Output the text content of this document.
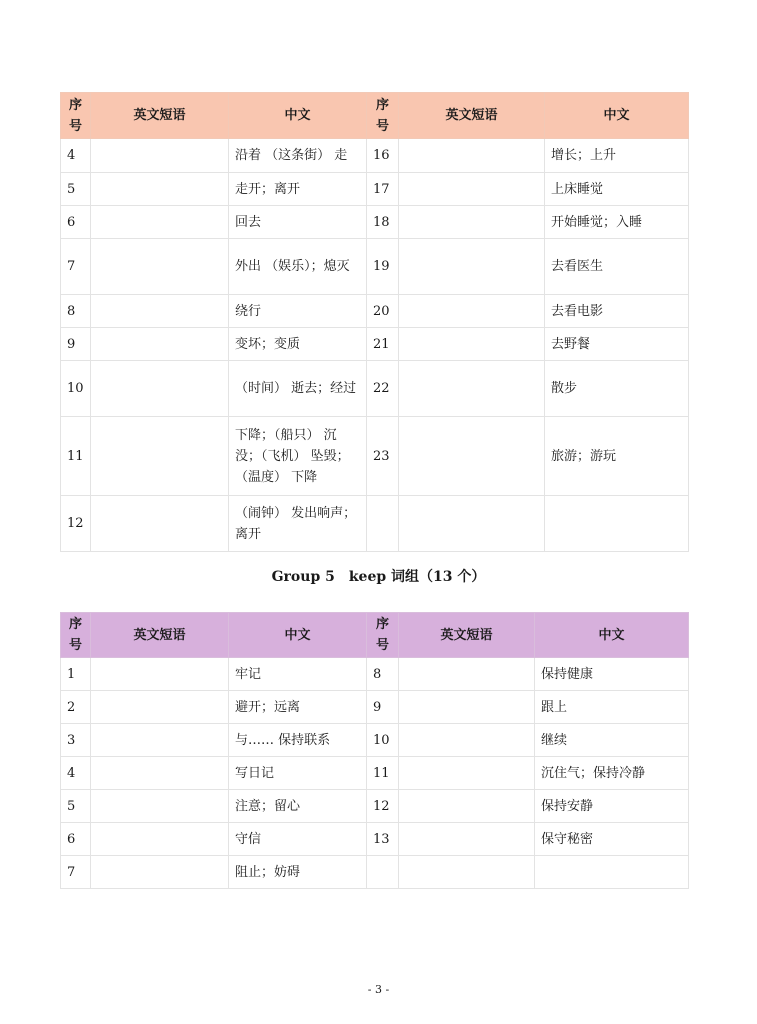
序号	英文短语	中文	序号	英文短语	中文
4		沿着 （这条街） 走	16		增长；上升
5		走开；离开	17		上床睡觉
6		回去	18		开始睡觉；入睡
7		外出 （娱乐）；熄灭	19		去看医生
8		绕行	20		去看电影
9		变坏；变质	21		去野餐
10		（时间） 逝去；经过	22		散步
11		下降；（船只） 沉没；（飞机） 坠毁；（温度） 下降	23		旅游；游玩
12		（闹钟） 发出响声；离开			
Group 5　keep 词组（13 个）
序号	英文短语	中文	序号	英文短语	中文
1		牢记	8		保持健康
2		避开；远离	9		跟上
3		与…… 保持联系	10		继续
4		写日记	11		沉住气；保持冷静
5		注意；留心	12		保持安静
6		守信	13		保守秘密
7		阻止；妨碍			
- 3 -
